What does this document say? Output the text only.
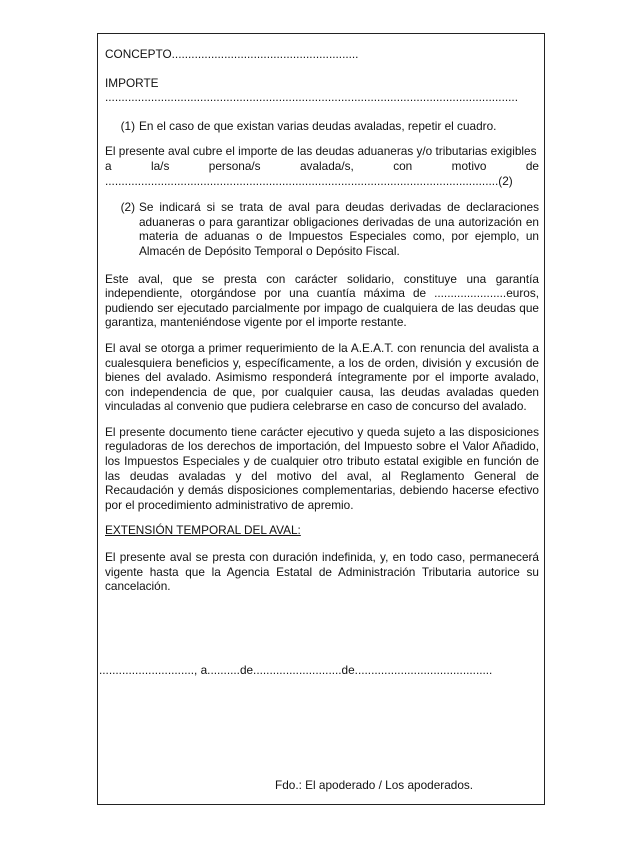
CONCEPTO.........................................................
IMPORTE
..............................................................................................................................
(1) En el caso de que existan varias deudas avaladas, repetir el cuadro.
El presente aval cubre el importe de las deudas aduaneras y/o tributarias exigibles
a	la/s	persona/s	avalada/s,	con	motivo	de
........................................................................................................................(2)
(2) Se indicará si se trata de aval para deudas derivadas de declaraciones aduaneras o para garantizar obligaciones derivadas de una autorización en materia de aduanas o de Impuestos Especiales como, por ejemplo, un Almacén de Depósito Temporal o Depósito Fiscal.

Este aval, que se presta con carácter solidario, constituye una garantía independiente, otorgándose por una cuantía máxima de ......................euros, pudiendo ser ejecutado parcialmente por impago de cualquiera de las deudas que garantiza, manteniéndose vigente por el importe restante.

El aval se otorga a primer requerimiento de la A.E.A.T. con renuncia del avalista a cualesquiera beneficios y, específicamente, a los de orden, división y excusión de bienes del avalado. Asimismo responderá íntegramente por el importe avalado, con independencia de que, por cualquier causa, las deudas avaladas queden vinculadas al convenio que pudiera celebrarse en caso de concurso del avalado.

El presente documento tiene carácter ejecutivo y queda sujeto a las disposiciones reguladoras de los derechos de importación, del Impuesto sobre el Valor Añadido, los Impuestos Especiales y de cualquier otro tributo estatal exigible en función de las deudas avaladas y del motivo del aval, al Reglamento General de Recaudación y demás disposiciones complementarias, debiendo hacerse efectivo por el procedimiento administrativo de apremio.

EXTENSIÓN TEMPORAL DEL AVAL:

El presente aval se presta con duración indefinida, y, en todo caso, permanecerá vigente hasta que la Agencia Estatal de Administración Tributaria autorice su cancelación.

............................., a..........de...........................de..........................................
Fdo.: El apoderado / Los apoderados.
